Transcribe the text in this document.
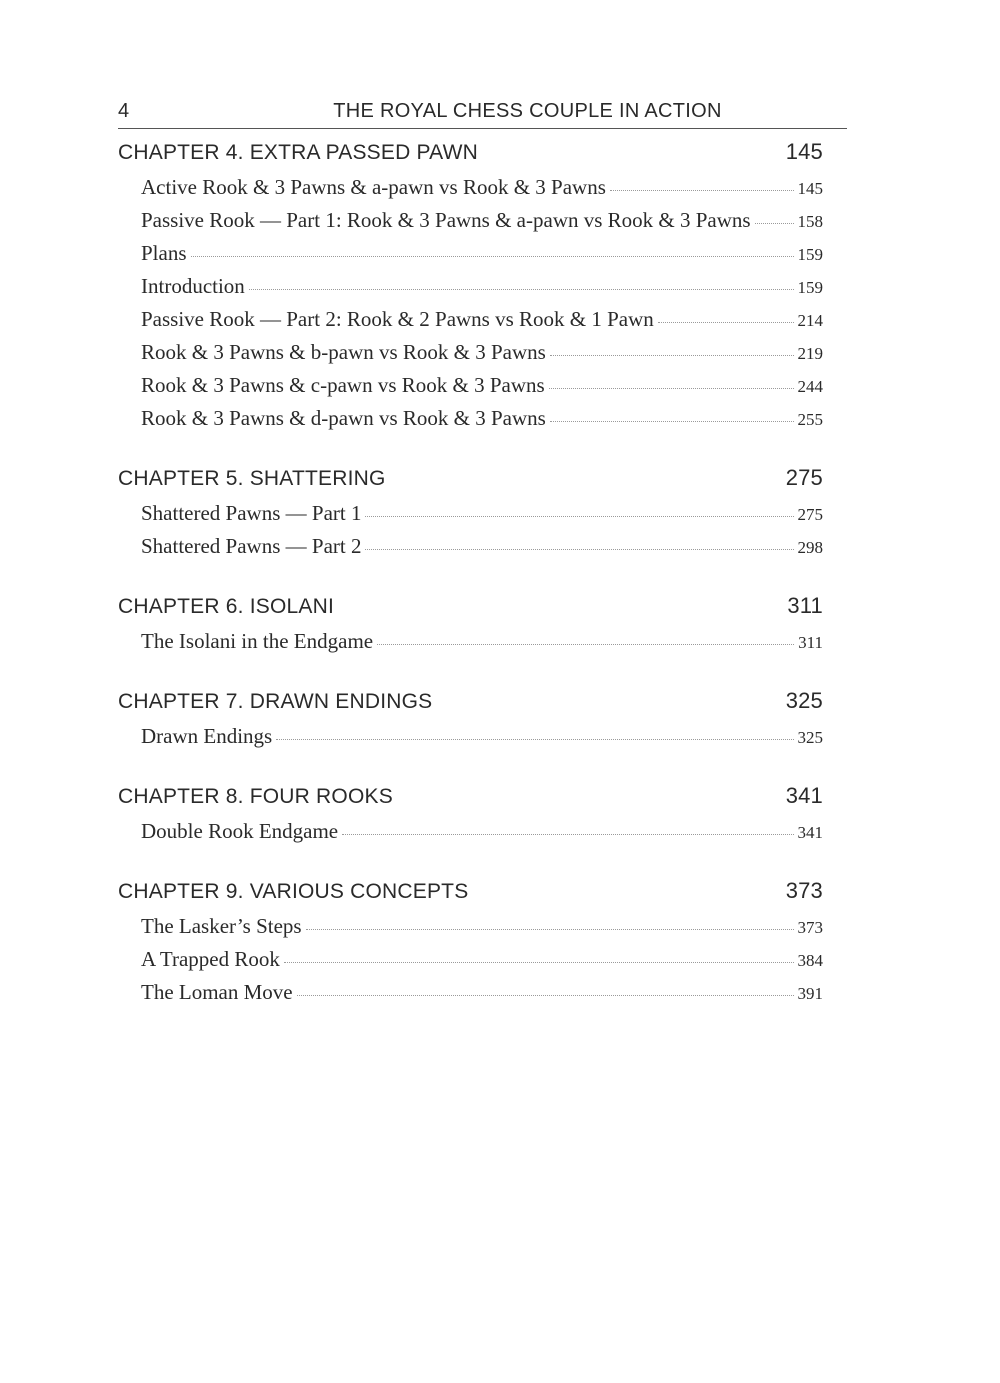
4	THE ROYAL CHESS COUPLE IN ACTION
CHAPTER 4. EXTRA PASSED PAWN	145
Active Rook & 3 Pawns & a-pawn vs Rook & 3 Pawns	145
Passive Rook — Part 1: Rook & 3 Pawns & a-pawn vs Rook & 3 Pawns	158
Plans	159
Introduction	159
Passive Rook — Part 2: Rook & 2 Pawns vs Rook & 1 Pawn	214
Rook & 3 Pawns & b-pawn vs Rook & 3 Pawns	219
Rook & 3 Pawns & c-pawn vs Rook & 3 Pawns	244
Rook & 3 Pawns & d-pawn vs Rook & 3 Pawns	255
CHAPTER 5. SHATTERING	275
Shattered Pawns — Part 1	275
Shattered Pawns — Part 2	298
CHAPTER 6. ISOLANI	311
The Isolani in the Endgame	311
CHAPTER 7. DRAWN ENDINGS	325
Drawn Endings	325
CHAPTER 8. FOUR ROOKS	341
Double Rook Endgame	341
CHAPTER 9. VARIOUS CONCEPTS	373
The Lasker’s Steps	373
A Trapped Rook	384
The Loman Move	391
